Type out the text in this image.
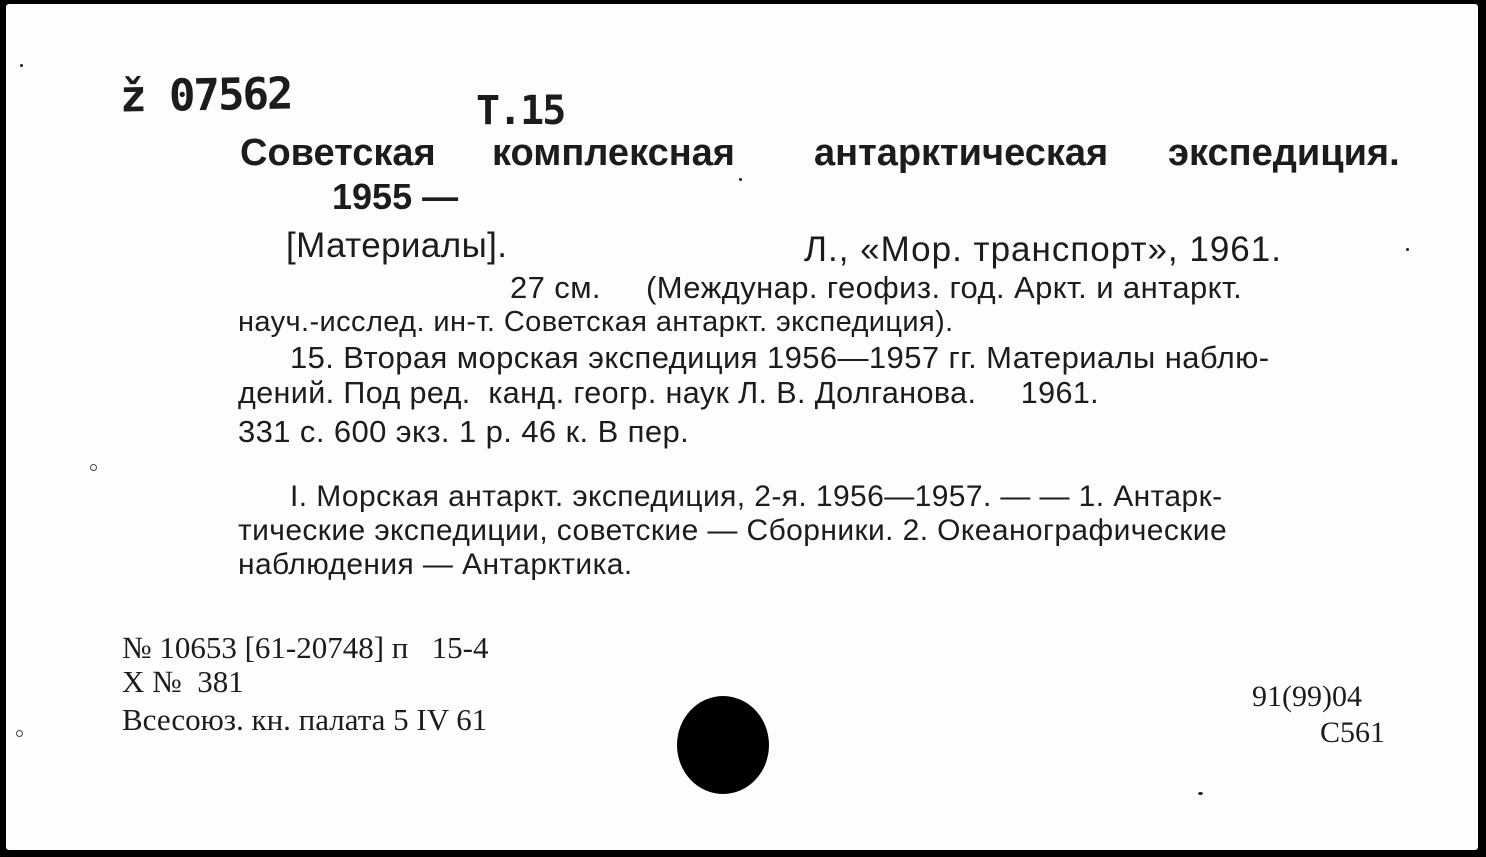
ž 07562	T.15

Советская

комплексная

антарктическая

экспедиция.

1955 —
[Материалы].	Л., «Мор. транспорт», 1961.
27 см.     (Междунар. геофиз. год. Аркт. и антаркт.
науч.-исслед. ин-т. Советская антаркт. экспедиция).
15. Вторая морская экспедиция 1956—1957 гг. Материалы наблю-
дений. Под ред.  канд. геогр. наук Л. В. Долганова.     1961.
331 с. 600 экз. 1 р. 46 к. В пер.
I. Морская антаркт. экспедиция, 2-я. 1956—1957. — — 1. Антарк-
тические экспедиции, советские — Сборники. 2. Океанографические
наблюдения — Антарктика.
№ 10653 [61-20748] п   15-4
Х №  381
Всесоюз. кн. палата 5 IV 61
91(99)04
С561
